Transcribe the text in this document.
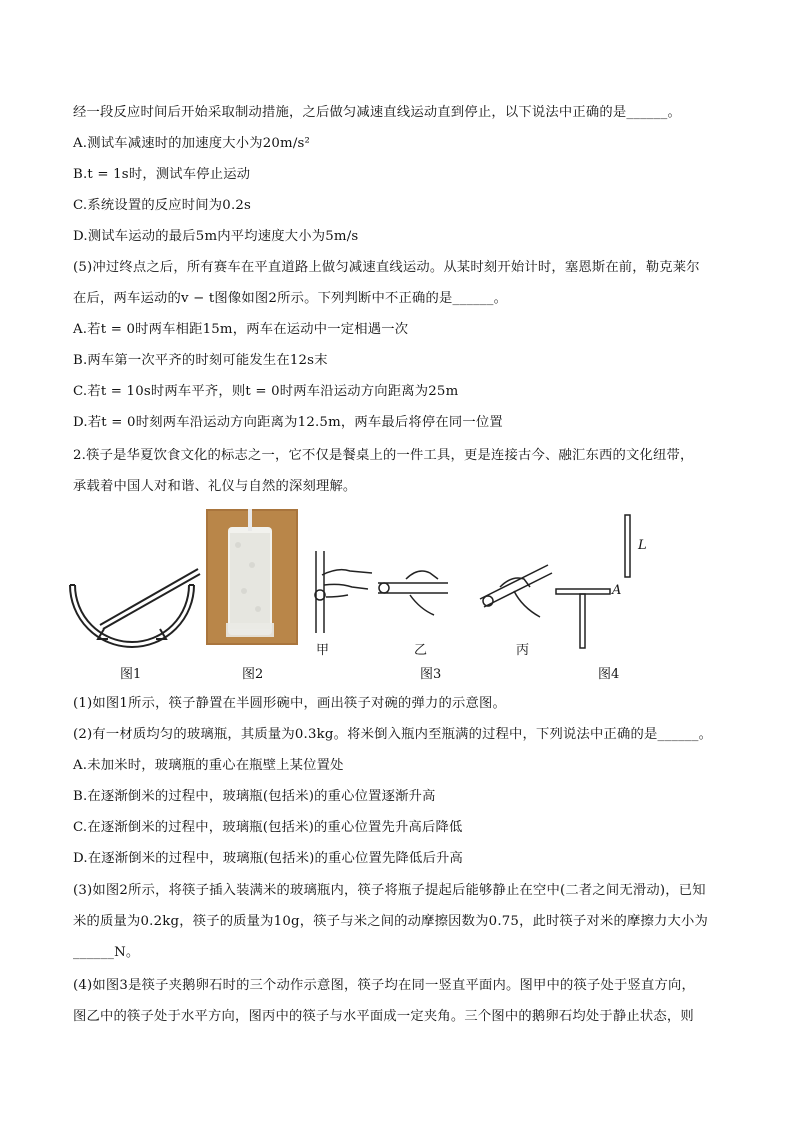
经一段反应时间后开始采取制动措施，之后做匀减速直线运动直到停止，以下说法中正确的是______。
A.测试车减速时的加速度大小为20m/s²
B.t = 1s时，测试车停止运动
C.系统设置的反应时间为0.2s
D.测试车运动的最后5m内平均速度大小为5m/s
(5)冲过终点之后，所有赛车在平直道路上做匀减速直线运动。从某时刻开始计时，塞恩斯在前，勒克莱尔
在后，两车运动的v − t图像如图2所示。下列判断中不正确的是______。
A.若t = 0时两车相距15m，两车在运动中一定相遇一次
B.两车第一次平齐的时刻可能发生在12s末
C.若t = 10s时两车平齐，则t = 0时两车沿运动方向距离为25m
D.若t = 0时刻两车沿运动方向距离为12.5m，两车最后将停在同一位置
2.筷子是华夏饮食文化的标志之一，它不仅是餐桌上的一件工具，更是连接古今、融汇东西的文化纽带，
承载着中国人对和谐、礼仪与自然的深刻理解。
L
A
甲	乙	丙
图1	图2	图3	图4
(1)如图1所示，筷子静置在半圆形碗中，画出筷子对碗的弹力的示意图。
(2)有一材质均匀的玻璃瓶，其质量为0.3kg。将米倒入瓶内至瓶满的过程中，下列说法中正确的是______。
A.未加米时，玻璃瓶的重心在瓶壁上某位置处
B.在逐渐倒米的过程中，玻璃瓶(包括米)的重心位置逐渐升高
C.在逐渐倒米的过程中，玻璃瓶(包括米)的重心位置先升高后降低
D.在逐渐倒米的过程中，玻璃瓶(包括米)的重心位置先降低后升高
(3)如图2所示，将筷子插入装满米的玻璃瓶内，筷子将瓶子提起后能够静止在空中(二者之间无滑动)，已知
米的质量为0.2kg，筷子的质量为10g，筷子与米之间的动摩擦因数为0.75，此时筷子对米的摩擦力大小为
______N。
(4)如图3是筷子夹鹅卵石时的三个动作示意图，筷子均在同一竖直平面内。图甲中的筷子处于竖直方向，
图乙中的筷子处于水平方向，图丙中的筷子与水平面成一定夹角。三个图中的鹅卵石均处于静止状态，则
